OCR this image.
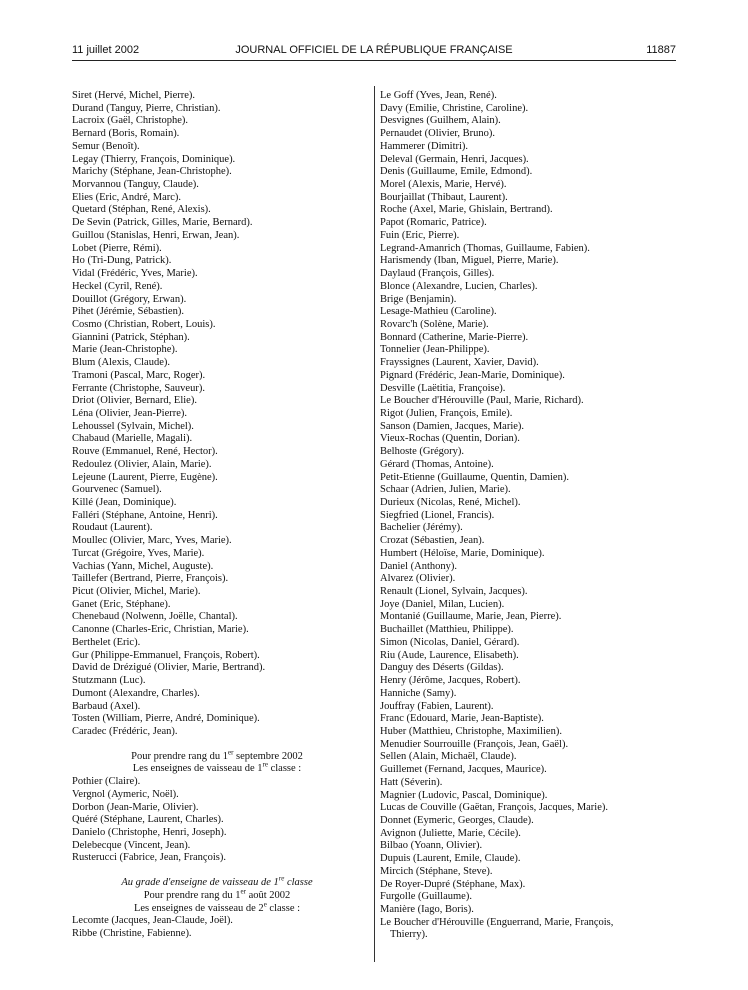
11 juillet 2002	JOURNAL OFFICIEL DE LA RÉPUBLIQUE FRANÇAISE	11887
Siret (Hervé, Michel, Pierre).
Durand (Tanguy, Pierre, Christian).
Lacroix (Gaël, Christophe).
Bernard (Boris, Romain).
Semur (Benoît).
Legay (Thierry, François, Dominique).
Marichy (Stéphane, Jean-Christophe).
Morvannou (Tanguy, Claude).
Elies (Eric, André, Marc).
Quetard (Stéphan, René, Alexis).
De Sevin (Patrick, Gilles, Marie, Bernard).
Guillou (Stanislas, Henri, Erwan, Jean).
Lobet (Pierre, Rémi).
Ho (Tri-Dung, Patrick).
Vidal (Frédéric, Yves, Marie).
Heckel (Cyril, René).
Douillot (Grégory, Erwan).
Pihet (Jérémie, Sébastien).
Cosmo (Christian, Robert, Louis).
Giannini (Patrick, Stéphan).
Marie (Jean-Christophe).
Blum (Alexis, Claude).
Tramoni (Pascal, Marc, Roger).
Ferrante (Christophe, Sauveur).
Driot (Olivier, Bernard, Elie).
Léna (Olivier, Jean-Pierre).
Lehoussel (Sylvain, Michel).
Chabaud (Marielle, Magali).
Rouve (Emmanuel, René, Hector).
Redoulez (Olivier, Alain, Marie).
Lejeune (Laurent, Pierre, Eugène).
Gourvenec (Samuel).
Killé (Jean, Dominique).
Falléri (Stéphane, Antoine, Henri).
Roudaut (Laurent).
Moullec (Olivier, Marc, Yves, Marie).
Turcat (Grégoire, Yves, Marie).
Vachias (Yann, Michel, Auguste).
Taillefer (Bertrand, Pierre, François).
Picut (Olivier, Michel, Marie).
Ganet (Eric, Stéphane).
Chenebaud (Nolwenn, Joëlle, Chantal).
Canonne (Charles-Eric, Christian, Marie).
Berthelet (Eric).
Gur (Philippe-Emmanuel, François, Robert).
David de Drézigué (Olivier, Marie, Bertrand).
Stutzmann (Luc).
Dumont (Alexandre, Charles).
Barbaud (Axel).
Tosten (William, Pierre, André, Dominique).
Caradec (Frédéric, Jean).
Pour prendre rang du 1er septembre 2002
Les enseignes de vaisseau de 1re classe :
Pothier (Claire).
Vergnol (Aymeric, Noël).
Dorbon (Jean-Marie, Olivier).
Quéré (Stéphane, Laurent, Charles).
Danielo (Christophe, Henri, Joseph).
Delebecque (Vincent, Jean).
Rusterucci (Fabrice, Jean, François).
Au grade d'enseigne de vaisseau de 1re classe
Pour prendre rang du 1er août 2002
Les enseignes de vaisseau de 2e classe :
Lecomte (Jacques, Jean-Claude, Joël).
Ribbe (Christine, Fabienne).
Le Goff (Yves, Jean, René).
Davy (Emilie, Christine, Caroline).
Desvignes (Guilhem, Alain).
Pernaudet (Olivier, Bruno).
Hammerer (Dimitri).
Deleval (Germain, Henri, Jacques).
Denis (Guillaume, Emile, Edmond).
Morel (Alexis, Marie, Hervé).
Bourjaillat (Thibaut, Laurent).
Roche (Axel, Marie, Ghislain, Bertrand).
Papot (Romaric, Patrice).
Fuin (Eric, Pierre).
Legrand-Amanrich (Thomas, Guillaume, Fabien).
Harismendy (Iban, Miguel, Pierre, Marie).
Daylaud (François, Gilles).
Blonce (Alexandre, Lucien, Charles).
Brige (Benjamin).
Lesage-Mathieu (Caroline).
Rovarc'h (Solène, Marie).
Bonnard (Catherine, Marie-Pierre).
Tonnelier (Jean-Philippe).
Frayssignes (Laurent, Xavier, David).
Pignard (Frédéric, Jean-Marie, Dominique).
Desville (Laëtitia, Françoise).
Le Boucher d'Hérouville (Paul, Marie, Richard).
Rigot (Julien, François, Emile).
Sanson (Damien, Jacques, Marie).
Vieux-Rochas (Quentin, Dorian).
Belhoste (Grégory).
Gérard (Thomas, Antoine).
Petit-Etienne (Guillaume, Quentin, Damien).
Schaar (Adrien, Julien, Marie).
Durieux (Nicolas, René, Michel).
Siegfried (Lionel, Francis).
Bachelier (Jérémy).
Crozat (Sébastien, Jean).
Humbert (Héloïse, Marie, Dominique).
Daniel (Anthony).
Alvarez (Olivier).
Renault (Lionel, Sylvain, Jacques).
Joye (Daniel, Milan, Lucien).
Montanié (Guillaume, Marie, Jean, Pierre).
Buchaillet (Matthieu, Philippe).
Simon (Nicolas, Daniel, Gérard).
Riu (Aude, Laurence, Elisabeth).
Danguy des Déserts (Gildas).
Henry (Jérôme, Jacques, Robert).
Hanniche (Samy).
Jouffray (Fabien, Laurent).
Franc (Edouard, Marie, Jean-Baptiste).
Huber (Matthieu, Christophe, Maximilien).
Menudier Sourrouille (François, Jean, Gaël).
Sellen (Alain, Michaël, Claude).
Guillemet (Fernand, Jacques, Maurice).
Hatt (Séverin).
Magnier (Ludovic, Pascal, Dominique).
Lucas de Couville (Gaëtan, François, Jacques, Marie).
Donnet (Eymeric, Georges, Claude).
Avignon (Juliette, Marie, Cécile).
Bilbao (Yoann, Olivier).
Dupuis (Laurent, Emile, Claude).
Mircich (Stéphane, Steve).
De Royer-Dupré (Stéphane, Max).
Furgolle (Guillaume).
Manière (Iago, Boris).
Le Boucher d'Hérouville (Enguerrand, Marie, François,
Thierry).
